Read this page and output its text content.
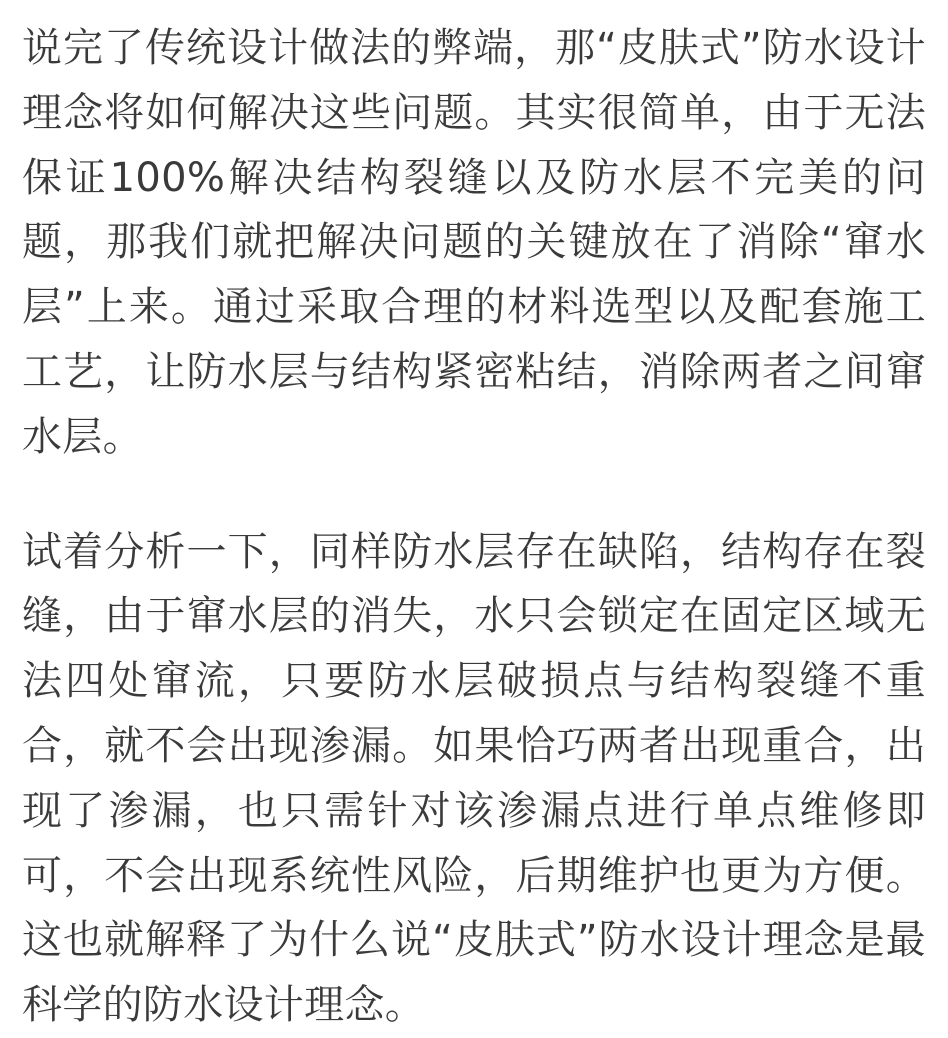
说完了传统设计做法的弊端，那“皮肤式”防水设计理念将如何解决这些问题。其实很简单，由于无法保证100%解决结构裂缝以及防水层不完美的问题，那我们就把解决问题的关键放在了消除“窜水层”上来。通过采取合理的材料选型以及配套施工工艺，让防水层与结构紧密粘结，消除两者之间窜水层。

试着分析一下，同样防水层存在缺陷，结构存在裂缝，由于窜水层的消失，水只会锁定在固定区域无法四处窜流，只要防水层破损点与结构裂缝不重合，就不会出现渗漏。如果恰巧两者出现重合，出现了渗漏，也只需针对该渗漏点进行单点维修即可，不会出现系统性风险，后期维护也更为方便。这也就解释了为什么说“皮肤式”防水设计理念是最科学的防水设计理念。
